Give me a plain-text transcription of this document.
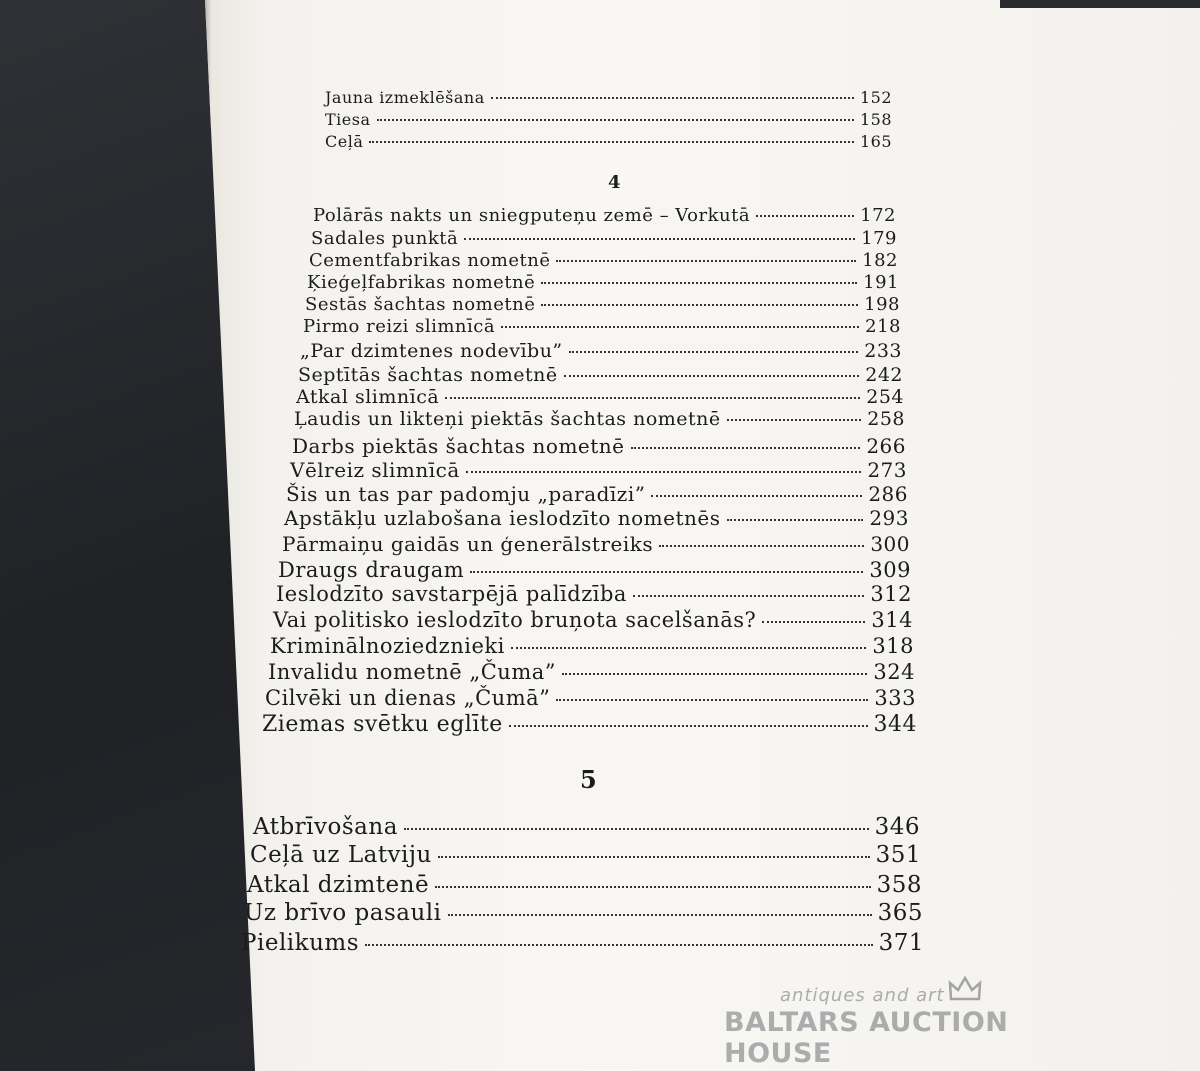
Jauna izmeklēšana	152
Tiesa	158
Ceļā	165
Polārās nakts un sniegputeņu zemē – Vorkutā	172
Sadales punktā	179
Cementfabrikas nometnē	182
Ķieģeļfabrikas nometnē	191
Sestās šachtas nometnē	198
Pirmo reizi slimnīcā	218
„Par dzimtenes nodevību”	233
Septītās šachtas nometnē	242
Atkal slimnīcā	254
Ļaudis un likteņi piektās šachtas nometnē	258
Darbs piektās šachtas nometnē	266
Vēlreiz slimnīcā	273
Šis un tas par padomju „paradīzi”	286
Apstākļu uzlabošana ieslodzīto nometnēs	293
Pārmaiņu gaidās un ģenerālstreiks	300
Draugs draugam	309
Ieslodzīto savstarpējā palīdzība	312
Vai politisko ieslodzīto bruņota sacelšanās?	314
Kriminālnoziedznieki	318
Invalidu nometnē „Čuma”	324
Cilvēki un dienas „Čumā”	333
Ziemas svētku eglīte	344
Atbrīvošana	346
Ceļā uz Latviju	351
Atkal dzimtenē	358
Uz brīvo pasauli	365
Pielikums	371
4
5
antiques and art
BALTARS AUCTION HOUSE
